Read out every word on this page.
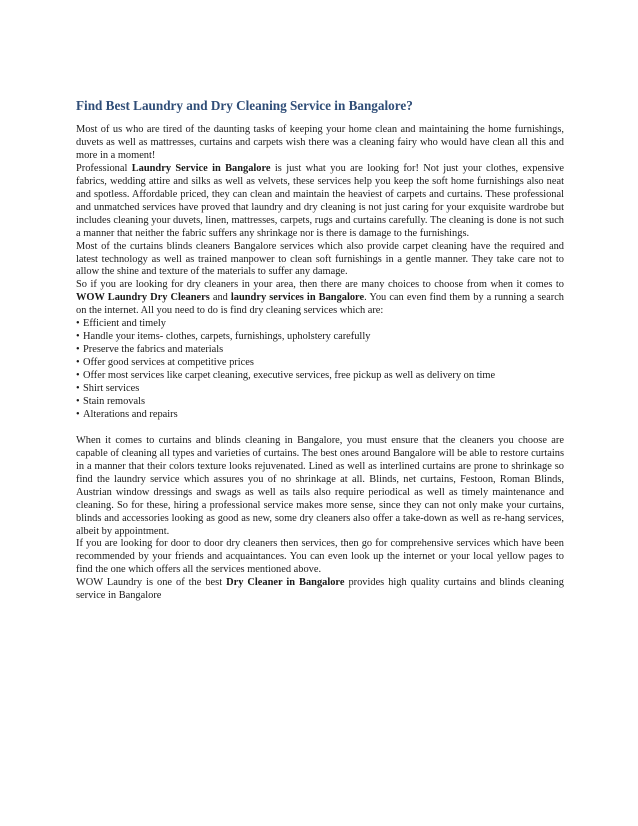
Find Best Laundry and Dry Cleaning Service in Bangalore?

Most of us who are tired of the daunting tasks of keeping your home clean and maintaining the home furnishings, duvets as well as mattresses, curtains and carpets wish there was a cleaning fairy who would have clean all this and more in a moment!

Professional Laundry Service in Bangalore is just what you are looking for! Not just your clothes, expensive fabrics, wedding attire and silks as well as velvets, these services help you keep the soft home furnishings also neat and spotless. Affordable priced, they can clean and maintain the heaviest of carpets and curtains. These professional and unmatched services have proved that laundry and dry cleaning is not just caring for your exquisite wardrobe but includes cleaning your duvets, linen, mattresses, carpets, rugs and curtains carefully. The cleaning is done is not such a manner that neither the fabric suffers any shrinkage nor is there is damage to the furnishings.

Most of the curtains blinds cleaners Bangalore services which also provide carpet cleaning have the required and latest technology as well as trained manpower to clean soft furnishings in a gentle manner. They take care not to allow the shine and texture of the materials to suffer any damage.

So if you are looking for dry cleaners in your area, then there are many choices to choose from when it comes to WOW Laundry Dry Cleaners and laundry services in Bangalore. You can even find them by a running a search on the internet. All you need to do is find dry cleaning services which are:

• Efficient and timely
• Handle your items- clothes, carpets, furnishings, upholstery carefully
• Preserve the fabrics and materials
• Offer good services at competitive prices
• Offer most services like carpet cleaning, executive services, free pickup as well as delivery on time
• Shirt services
• Stain removals
• Alterations and repairs

When it comes to curtains and blinds cleaning in Bangalore, you must ensure that the cleaners you choose are capable of cleaning all types and varieties of curtains. The best ones around Bangalore will be able to restore curtains in a manner that their colors texture looks rejuvenated. Lined as well as interlined curtains are prone to shrinkage so find the laundry service which assures you of no shrinkage at all. Blinds, net curtains, Festoon, Roman Blinds, Austrian window dressings and swags as well as tails also require periodical as well as timely maintenance and cleaning. So for these, hiring a professional service makes more sense, since they can not only make your curtains, blinds and accessories looking as good as new, some dry cleaners also offer a take-down as well as re-hang services, albeit by appointment.

If you are looking for door to door dry cleaners then services, then go for comprehensive services which have been recommended by your friends and acquaintances. You can even look up the internet or your local yellow pages to find the one which offers all the services mentioned above.

WOW Laundry is one of the best Dry Cleaner in Bangalore provides high quality curtains and blinds cleaning service in Bangalore
